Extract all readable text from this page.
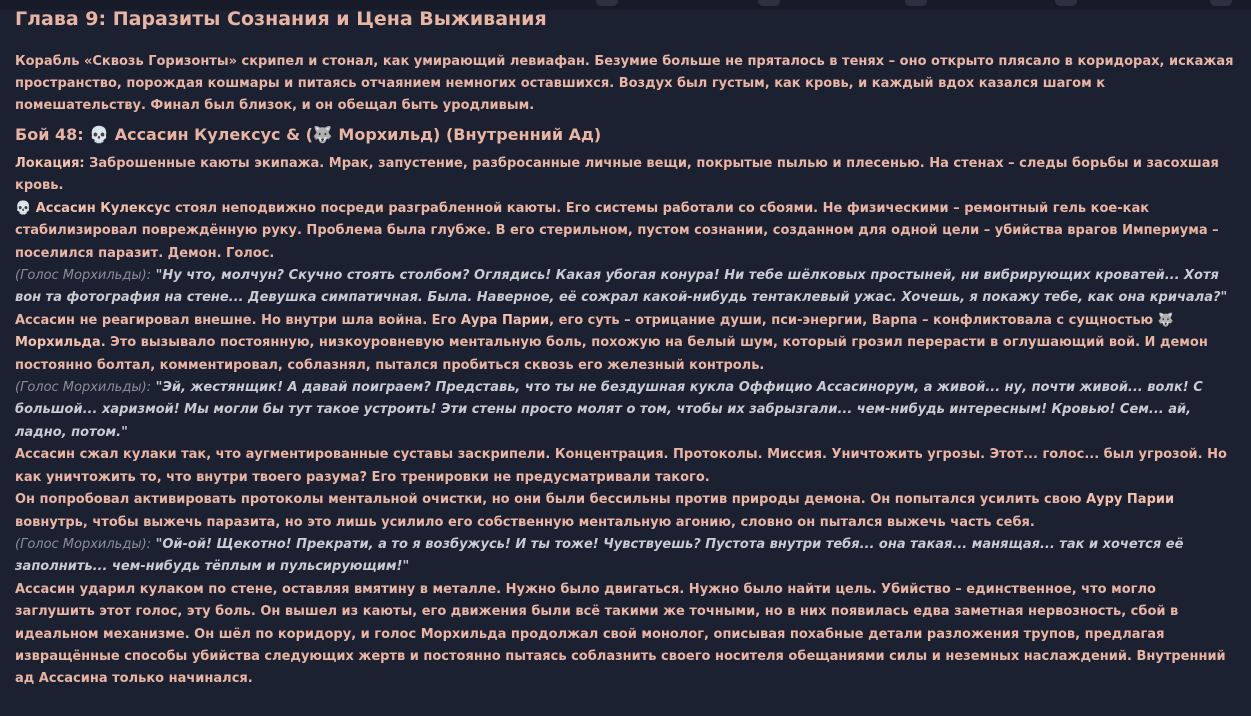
Глава 9: Паразиты Сознания и Цена Выживания

Корабль «Сквозь Горизонты» скрипел и стонал, как умирающий левиафан. Безумие больше не пряталось в тенях – оно открыто плясало в коридорах, искажая пространство, порождая кошмары и питаясь отчаянием немногих оставшихся. Воздух был густым, как кровь, и каждый вдох казался шагом к помешательству. Финал был близок, и он обещал быть уродливым.

Бой 48: 💀 Ассасин Кулексус & (🐺 Морхильд) (Внутренний Ад)

Локация: Заброшенные каюты экипажа. Мрак, запустение, разбросанные личные вещи, покрытые пылью и плесенью. На стенах – следы борьбы и засохшая кровь.

💀 Ассасин Кулексус стоял неподвижно посреди разграбленной каюты. Его системы работали со сбоями. Не физическими – ремонтный гель кое-как стабилизировал повреждённую руку. Проблема была глубже. В его стерильном, пустом сознании, созданном для одной цели – убийства врагов Империума – поселился паразит. Демон. Голос.

(Голос Морхильды): "Ну что, молчун? Скучно стоять столбом? Оглядись! Какая убогая конура! Ни тебе шёлковых простыней, ни вибрирующих кроватей... Хотя вон та фотография на стене... Девушка симпатичная. Была. Наверное, её сожрал какой-нибудь тентаклевый ужас. Хочешь, я покажу тебе, как она кричала?"

Ассасин не реагировал внешне. Но внутри шла война. Его Аура Парии, его суть – отрицание души, пси-энергии, Варпа – конфликтовала с сущностью 🐺
Морхильда. Это вызывало постоянную, низкоуровневую ментальную боль, похожую на белый шум, который грозил перерасти в оглушающий вой. И демон постоянно болтал, комментировал, соблазнял, пытался пробиться сквозь его железный контроль.

(Голос Морхильды): "Эй, жестянщик! А давай поиграем? Представь, что ты не бездушная кукла Оффицио Ассасинорум, а живой... ну, почти живой... волк! С большой... харизмой! Мы могли бы тут такое устроить! Эти стены просто молят о том, чтобы их забрызгали... чем-нибудь интересным! Кровью! Сем... ай, ладно, потом."

Ассасин сжал кулаки так, что аугментированные суставы заскрипели. Концентрация. Протоколы. Миссия. Уничтожить угрозы. Этот... голос... был угрозой. Но как уничтожить то, что внутри твоего разума? Его тренировки не предусматривали такого.

Он попробовал активировать протоколы ментальной очистки, но они были бессильны против природы демона. Он попытался усилить свою Ауру Парии вовнутрь, чтобы выжечь паразита, но это лишь усилило его собственную ментальную агонию, словно он пытался выжечь часть себя.

(Голос Морхильды): "Ой-ой! Щекотно! Прекрати, а то я возбужусь! И ты тоже! Чувствуешь? Пустота внутри тебя... она такая... манящая... так и хочется её заполнить... чем-нибудь тёплым и пульсирующим!"

Ассасин ударил кулаком по стене, оставляя вмятину в металле. Нужно было двигаться. Нужно было найти цель. Убийство – единственное, что могло заглушить этот голос, эту боль. Он вышел из каюты, его движения были всё такими же точными, но в них появилась едва заметная нервозность, сбой в идеальном механизме. Он шёл по коридору, и голос Морхильда продолжал свой монолог, описывая похабные детали разложения трупов, предлагая извращённые способы убийства следующих жертв и постоянно пытаясь соблазнить своего носителя обещаниями силы и неземных наслаждений. Внутренний ад Ассасина только начинался.
